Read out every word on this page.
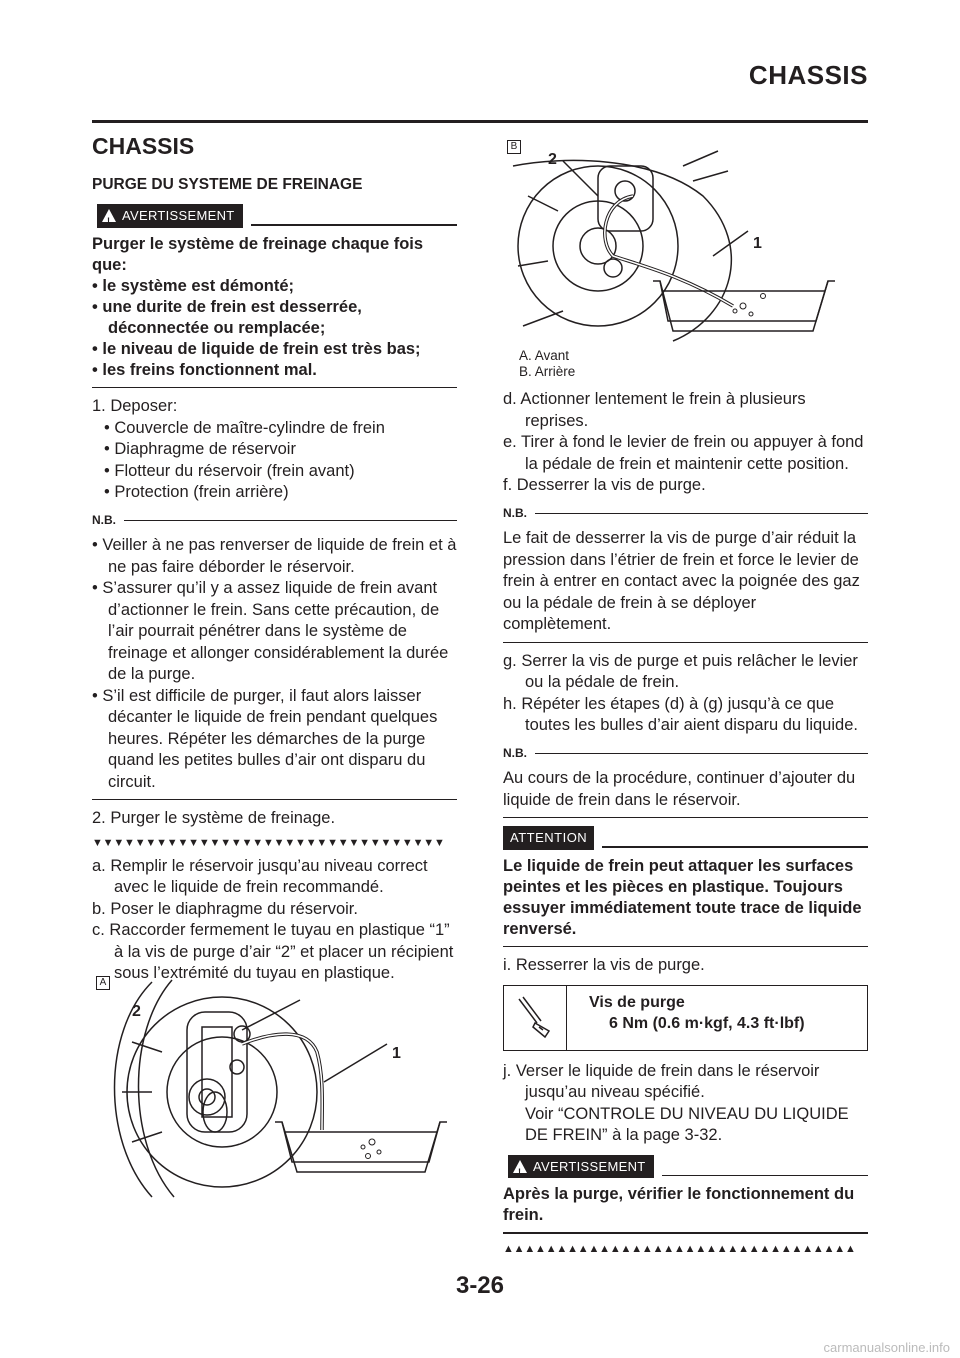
CHASSIS
CHASSIS
PURGE DU SYSTEME DE FREINAGE
! AVERTISSEMENT
Purger le système de freinage chaque fois que:
• le système est démonté;
• une durite de frein est desserrée, déconnectée ou remplacée;
• le niveau de liquide de frein est très bas;
• les freins fonctionnent mal.
1. Deposer:
• Couvercle de maître-cylindre de frein
• Diaphragme de réservoir
• Flotteur du réservoir (frein avant)
• Protection (frein arrière)
N.B.
• Veiller à ne pas renverser de liquide de frein et à ne pas faire déborder le réservoir.
• S’assurer qu’il y a assez liquide de frein avant d’actionner le frein. Sans cette précaution, de l’air pourrait pénétrer dans le système de freinage et allonger considérablement la durée de la purge.
• S’il est difficile de purger, il faut alors laisser décanter le liquide de frein pendant quelques heures. Répéter les démarches de la purge quand les petites bulles d’air ont disparu du circuit.
2. Purger le système de freinage.
▼▼▼▼▼▼▼▼▼▼▼▼▼▼▼▼▼▼▼▼▼▼▼▼▼▼▼▼▼▼▼▼▼
a. Remplir le réservoir jusqu’au niveau correct avec le liquide de frein recommandé.
b. Poser le diaphragme du réservoir.
c. Raccorder fermement le tuyau en plastique “1” à la vis de purge d’air “2” et placer un récipient sous l’extrémité du tuyau en plastique.
A
2
1
B
2
1
A. Avant
B. Arrière
d. Actionner lentement le frein à plusieurs reprises.
e. Tirer à fond le levier de frein ou appuyer à fond la pédale de frein et maintenir cette position.
f. Desserrer la vis de purge.
N.B.
Le fait de desserrer la vis de purge d’air réduit la pression dans l’étrier de frein et force le levier de frein à entrer en contact avec la poignée des gaz ou la pédale de frein à se déployer complètement.
g. Serrer la vis de purge et puis relâcher le levier ou la pédale de frein.
h. Répéter les étapes (d) à (g) jusqu’à ce que toutes les bulles d’air aient disparu du liquide.
N.B.
Au cours de la procédure, continuer d’ajouter du liquide de frein dans le réservoir.
ATTENTION
Le liquide de frein peut attaquer les surfaces peintes et les pièces en plastique. Toujours essuyer immédiatement toute trace de liquide renversé.
i. Resserrer la vis de purge.
Vis de purge
6 Nm (0.6 m·kgf, 4.3 ft·lbf)
j. Verser le liquide de frein dans le réservoir jusqu’au niveau spécifié.
Voir “CONTROLE DU NIVEAU DU LIQUIDE DE FREIN” à la page 3-32.
! AVERTISSEMENT
Après la purge, vérifier le fonctionnement du frein.
▲▲▲▲▲▲▲▲▲▲▲▲▲▲▲▲▲▲▲▲▲▲▲▲▲▲▲▲▲▲▲▲▲
3-26
carmanualsonline.info
